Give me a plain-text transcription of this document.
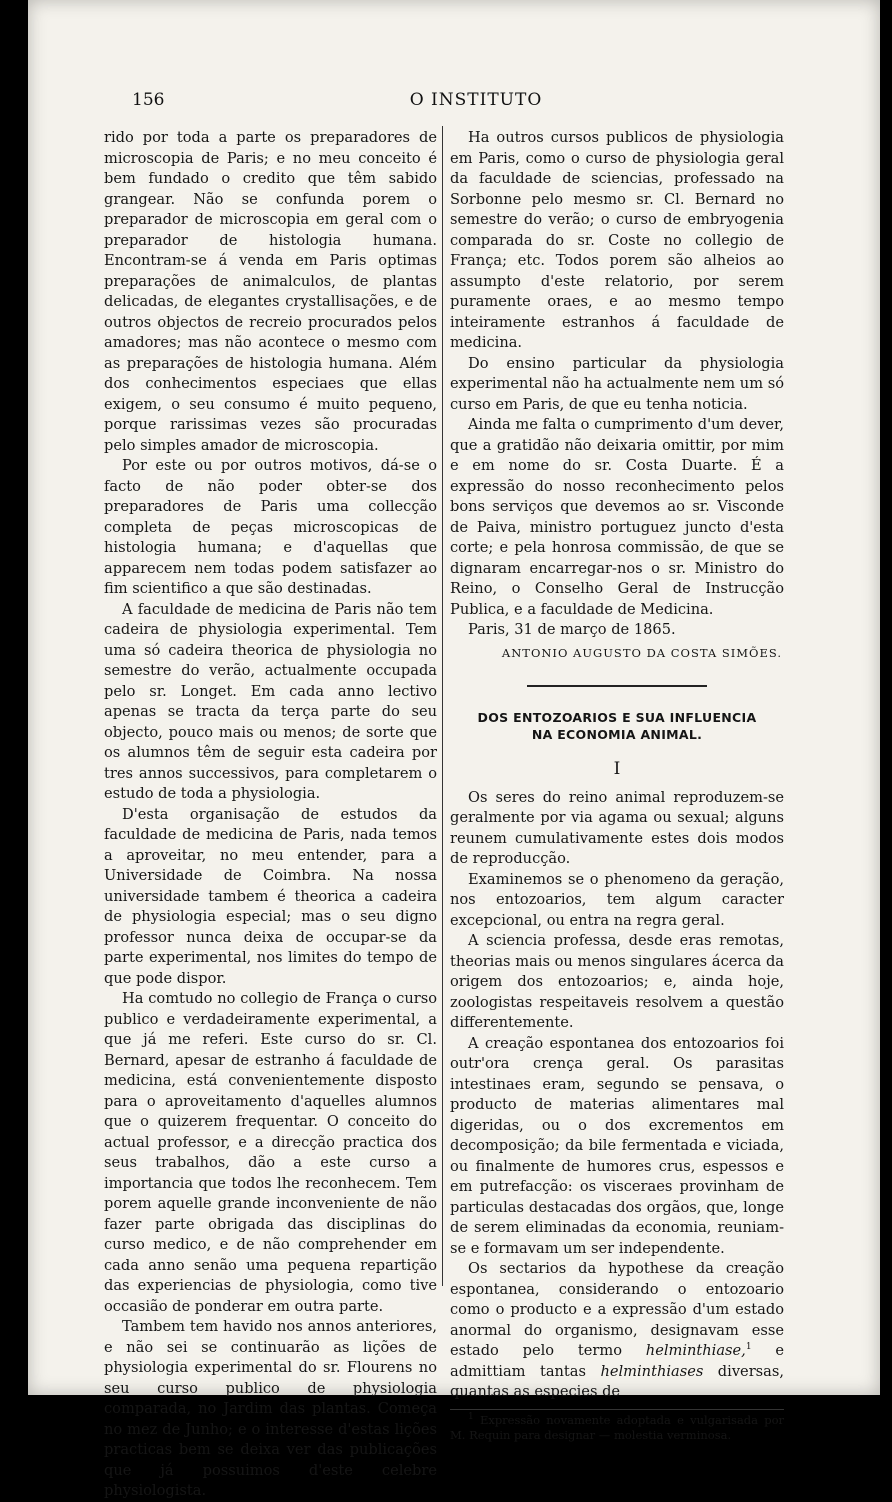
156	O INSTITUTO

rido por toda a parte os preparadores de microscopia de Paris; e no meu conceito é bem fundado o credito que têm sabido grangear. Não se confunda porem o preparador de microscopia em geral com o preparador de histologia humana. Encontram-se á venda em Paris optimas preparações de animalculos, de plantas delicadas, de elegantes crystallisações, e de outros objectos de recreio procurados pelos amadores; mas não acontece o mesmo com as preparações de histologia humana. Além dos conhecimentos especiaes que ellas exigem, o seu consumo é muito pequeno, porque rarissimas vezes são procuradas pelo simples amador de microscopia.

Por este ou por outros motivos, dá-se o facto de não poder obter-se dos preparadores de Paris uma collecção completa de peças microscopicas de histologia humana; e d'aquellas que apparecem nem todas podem satisfazer ao fim scientifico a que são destinadas.

A faculdade de medicina de Paris não tem cadeira de physiologia experimental. Tem uma só cadeira theorica de physiologia no semestre do verão, actualmente occupada pelo sr. Longet. Em cada anno lectivo apenas se tracta da terça parte do seu objecto, pouco mais ou menos; de sorte que os alumnos têm de seguir esta cadeira por tres annos successivos, para completarem o estudo de toda a physiologia.

D'esta organisação de estudos da faculdade de medicina de Paris, nada temos a aproveitar, no meu entender, para a Universidade de Coimbra. Na nossa universidade tambem é theorica a cadeira de physiologia especial; mas o seu digno professor nunca deixa de occupar-se da parte experimental, nos limites do tempo de que pode dispor.

Ha comtudo no collegio de França o curso publico e verdadeiramente experimental, a que já me referi. Este curso do sr. Cl. Bernard, apesar de estranho á faculdade de medicina, está convenientemente disposto para o aproveitamento d'aquelles alumnos que o quizerem frequentar. O conceito do actual professor, e a direcção practica dos seus trabalhos, dão a este curso a importancia que todos lhe reconhecem. Tem porem aquelle grande inconveniente de não fazer parte obrigada das disciplinas do curso medico, e de não comprehender em cada anno senão uma pequena repartição das experiencias de physiologia, como tive occasião de ponderar em outra parte.

Tambem tem havido nos annos anteriores, e não sei se continuarão as lições de physiologia experimental do sr. Flourens no seu curso publico de physiologia comparada, no Jardim das plantas. Começa no mez de Junho; e o interesse d'estas lições practicas bem se deixa ver das publicações que já possuimos d'este celebre physiologista.

Ha outros cursos publicos de physiologia em Paris, como o curso de physiologia geral da faculdade de sciencias, professado na Sorbonne pelo mesmo sr. Cl. Bernard no semestre do verão; o curso de embryogenia comparada do sr. Coste no collegio de França; etc. Todos porem são alheios ao assumpto d'este relatorio, por serem puramente oraes, e ao mesmo tempo inteiramente estranhos á faculdade de medicina.

Do ensino particular da physiologia experimental não ha actualmente nem um só curso em Paris, de que eu tenha noticia.

Ainda me falta o cumprimento d'um dever, que a gratidão não deixaria omittir, por mim e em nome do sr. Costa Duarte. É a expressão do nosso reconhecimento pelos bons serviços que devemos ao sr. Visconde de Paiva, ministro portuguez juncto d'esta corte; e pela honrosa commissão, de que se dignaram encarregar-nos o sr. Ministro do Reino, o Conselho Geral de Instrucção Publica, e a faculdade de Medicina.

Paris, 31 de março de 1865.

ANTONIO AUGUSTO DA COSTA SIMÕES.
DOS ENTOZOARIOS E SUA INFLUENCIA
NA ECONOMIA ANIMAL.
I

Os seres do reino animal reproduzem-se geralmente por via agama ou sexual; alguns reunem cumulativamente estes dois modos de reproducção.

Examinemos se o phenomeno da geração, nos entozoarios, tem algum caracter excepcional, ou entra na regra geral.

A sciencia professa, desde eras remotas, theorias mais ou menos singulares ácerca da origem dos entozoarios; e, ainda hoje, zoologistas respeitaveis resolvem a questão differentemente.

A creação espontanea dos entozoarios foi outr'ora crença geral. Os parasitas intestinaes eram, segundo se pensava, o producto de materias alimentares mal digeridas, ou o dos excrementos em decomposição; da bile fermentada e viciada, ou finalmente de humores crus, espessos e em putrefacção: os visceraes provinham de particulas destacadas dos orgãos, que, longe de serem eliminadas da economia, reuniam-se e formavam um ser independente.

Os sectarios da hypothese da creação espontanea, considerando o entozoario como o producto e a expressão d'um estado anormal do organismo, designavam esse estado pelo termo helminthiase,$^1$ e admittiam tantas helminthiases diversas, quantas as especies de

$^1$ Expressão novamente adoptada e vulgarisada por M. Requin para designar — molestia verminosa.
